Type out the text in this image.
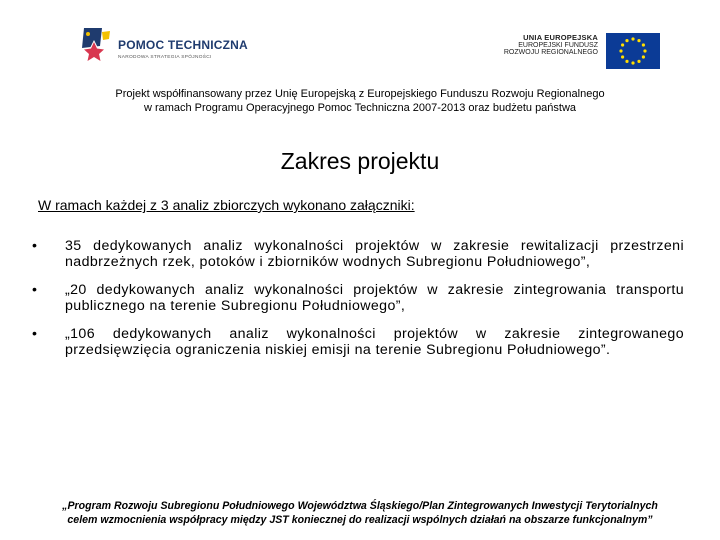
POMOC TECHNICZNA
NARODOWA STRATEGIA SPÓJNOŚCI
UNIA EUROPEJSKA
EUROPEJSKI FUNDUSZ
ROZWOJU REGIONALNEGO
Projekt współfinansowany przez Unię Europejską z Europejskiego Funduszu Rozwoju Regionalnego
w ramach Programu Operacyjnego Pomoc Techniczna 2007-2013 oraz budżetu państwa
Zakres projektu
W ramach każdej z 3 analiz zbiorczych wykonano załączniki:
• 35 dedykowanych analiz wykonalności projektów w zakresie rewitalizacji przestrzeni nadbrzeżnych rzek, potoków i zbiorników wodnych Subregionu Południowego”,
• „20 dedykowanych analiz wykonalności projektów w zakresie zintegrowania transportu publicznego na terenie Subregionu Południowego”,
• „106 dedykowanych analiz wykonalności projektów w zakresie zintegrowanego przedsięwzięcia ograniczenia niskiej emisji na terenie Subregionu Południowego”.
„Program Rozwoju Subregionu Południowego Województwa Śląskiego/Plan Zintegrowanych Inwestycji Terytorialnych
celem wzmocnienia współpracy między JST koniecznej do realizacji wspólnych działań na obszarze funkcjonalnym”
